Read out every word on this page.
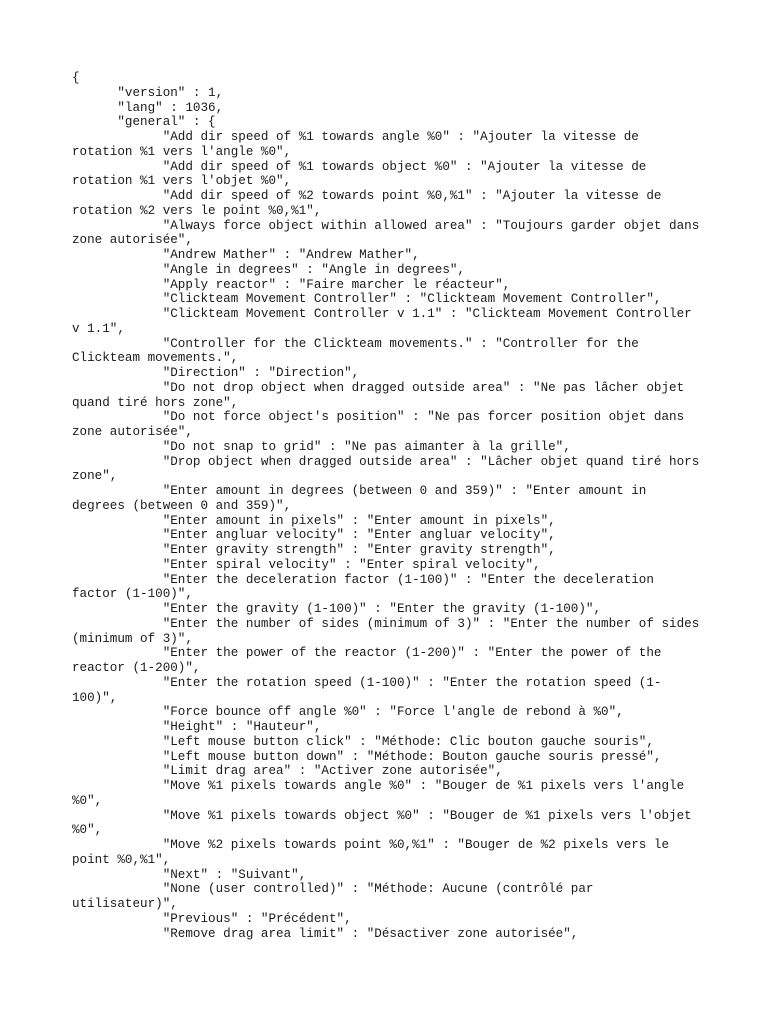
{
"version" : 1,
"lang" : 1036,
"general" : {
"Add dir speed of %1 towards angle %0" : "Ajouter la vitesse de
rotation %1 vers l'angle %0",
"Add dir speed of %1 towards object %0" : "Ajouter la vitesse de
rotation %1 vers l'objet %0",
"Add dir speed of %2 towards point %0,%1" : "Ajouter la vitesse de
rotation %2 vers le point %0,%1",
"Always force object within allowed area" : "Toujours garder objet dans
zone autorisée",
"Andrew Mather" : "Andrew Mather",
"Angle in degrees" : "Angle in degrees",
"Apply reactor" : "Faire marcher le réacteur",
"Clickteam Movement Controller" : "Clickteam Movement Controller",
"Clickteam Movement Controller v 1.1" : "Clickteam Movement Controller
v 1.1",
"Controller for the Clickteam movements." : "Controller for the
Clickteam movements.",
"Direction" : "Direction",
"Do not drop object when dragged outside area" : "Ne pas lâcher objet
quand tiré hors zone",
"Do not force object's position" : "Ne pas forcer position objet dans
zone autorisée",
"Do not snap to grid" : "Ne pas aimanter à la grille",
"Drop object when dragged outside area" : "Lâcher objet quand tiré hors
zone",
"Enter amount in degrees (between 0 and 359)" : "Enter amount in
degrees (between 0 and 359)",
"Enter amount in pixels" : "Enter amount in pixels",
"Enter angluar velocity" : "Enter angluar velocity",
"Enter gravity strength" : "Enter gravity strength",
"Enter spiral velocity" : "Enter spiral velocity",
"Enter the deceleration factor (1-100)" : "Enter the deceleration
factor (1-100)",
"Enter the gravity (1-100)" : "Enter the gravity (1-100)",
"Enter the number of sides (minimum of 3)" : "Enter the number of sides
(minimum of 3)",
"Enter the power of the reactor (1-200)" : "Enter the power of the
reactor (1-200)",
"Enter the rotation speed (1-100)" : "Enter the rotation speed (1-
100)",
"Force bounce off angle %0" : "Force l'angle de rebond à %0",
"Height" : "Hauteur",
"Left mouse button click" : "Méthode: Clic bouton gauche souris",
"Left mouse button down" : "Méthode: Bouton gauche souris pressé",
"Limit drag area" : "Activer zone autorisée",
"Move %1 pixels towards angle %0" : "Bouger de %1 pixels vers l'angle
%0",
"Move %1 pixels towards object %0" : "Bouger de %1 pixels vers l'objet
%0",
"Move %2 pixels towards point %0,%1" : "Bouger de %2 pixels vers le
point %0,%1",
"Next" : "Suivant",
"None (user controlled)" : "Méthode: Aucune (contrôlé par
utilisateur)",
"Previous" : "Précédent",
"Remove drag area limit" : "Désactiver zone autorisée",
